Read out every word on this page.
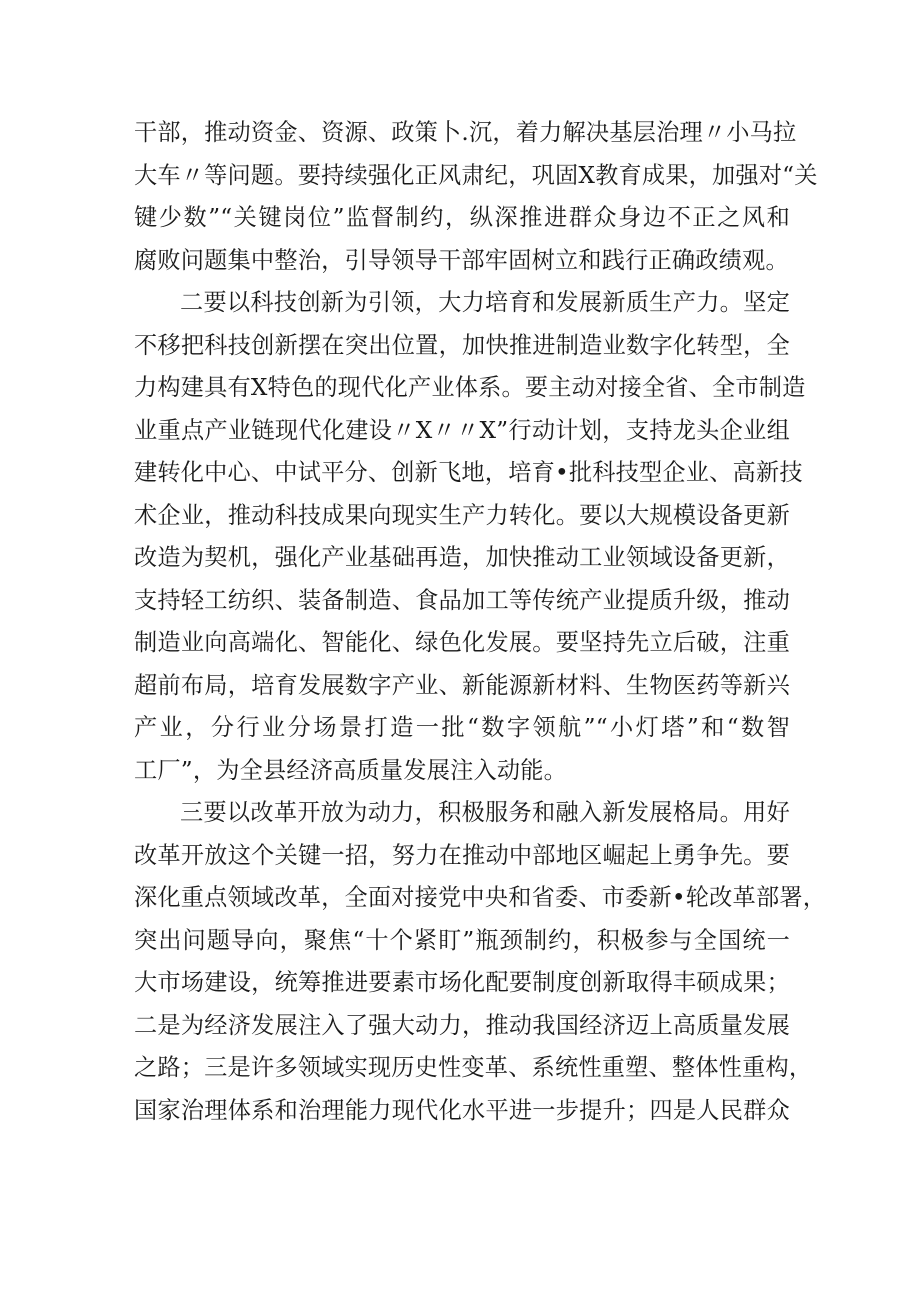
干部，推动资金、资源、政策卜.沉，着力解决基层治理〃小马拉
大车〃等问题。要持续强化正风肃纪，巩固X教育成果，加强对“关
键少数”“关键岗位”监督制约，纵深推进群众身边不正之风和
腐败问题集中整治，引导领导干部牢固树立和践行正确政绩观。
二要以科技创新为引领，大力培育和发展新质生产力。坚定
不移把科技创新摆在突出位置，加快推进制造业数字化转型，全
力构建具有X特色的现代化产业体系。要主动对接全省、全市制造
业重点产业链现代化建设〃X〃〃X”行动计划，支持龙头企业组
建转化中心、中试平分、创新飞地，培育•批科技型企业、高新技
术企业，推动科技成果向现实生产力转化。要以大规模设备更新
改造为契机，强化产业基础再造，加快推动工业领域设备更新，
支持轻工纺织、装备制造、食品加工等传统产业提质升级，推动
制造业向高端化、智能化、绿色化发展。要坚持先立后破，注重
超前布局，培育发展数字产业、新能源新材料、生物医药等新兴
产业，分行业分场景打造一批“数字领航”“小灯塔”和“数智
工厂”，为全县经济高质量发展注入动能。
三要以改革开放为动力，积极服务和融入新发展格局。用好
改革开放这个关键一招，努力在推动中部地区崛起上勇争先。要
深化重点领域改革，全面对接党中央和省委、市委新•轮改革部署，
突出问题导向，聚焦“十个紧盯”瓶颈制约，积极参与全国统一
大市场建设，统筹推进要素市场化配要制度创新取得丰硕成果；
二是为经济发展注入了强大动力，推动我国经济迈上高质量发展
之路；三是许多领域实现历史性变革、系统性重塑、整体性重构，
国家治理体系和治理能力现代化水平进一步提升；四是人民群众
